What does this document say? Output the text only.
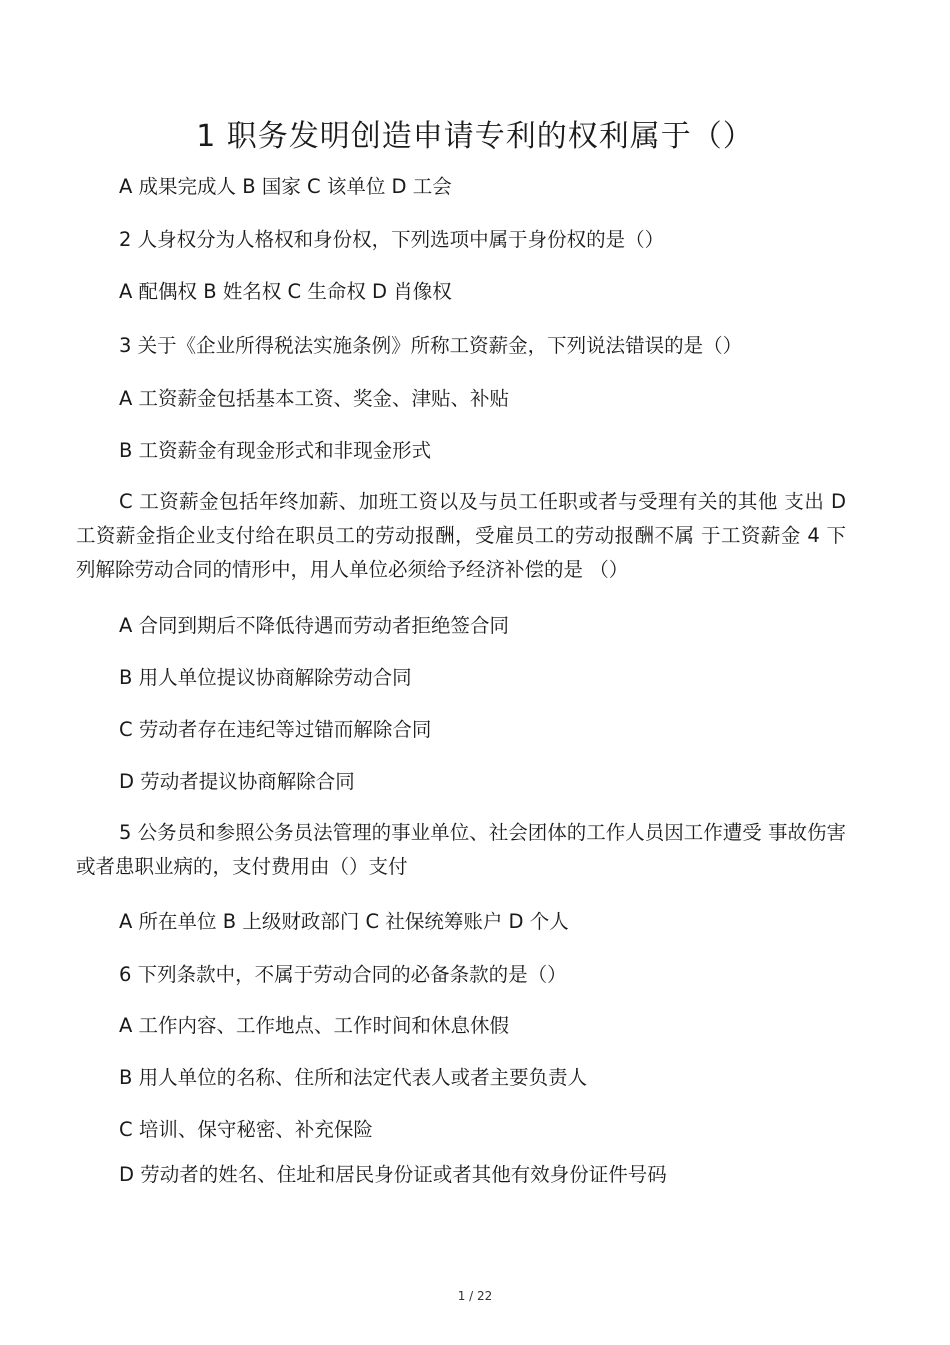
1 职务发明创造申请专利的权利属于（）
A 成果完成人 B 国家 C 该单位 D 工会
2 人身权分为人格权和身份权，下列选项中属于身份权的是（）
A 配偶权 B 姓名权 C 生命权 D 肖像权
3 关于《企业所得税法实施条例》所称工资薪金，下列说法错误的是（）
A 工资薪金包括基本工资、奖金、津贴、补贴
B 工资薪金有现金形式和非现金形式
C 工资薪金包括年终加薪、加班工资以及与员工任职或者与受理有关的其他 支出 D 工资薪金指企业支付给在职员工的劳动报酬，受雇员工的劳动报酬不属 于工资薪金 4 下列解除劳动合同的情形中，用人单位必须给予经济补偿的是 （）
A 合同到期后不降低待遇而劳动者拒绝签合同
B 用人单位提议协商解除劳动合同
C 劳动者存在违纪等过错而解除合同
D 劳动者提议协商解除合同
5 公务员和参照公务员法管理的事业单位、社会团体的工作人员因工作遭受 事故伤害或者患职业病的，支付费用由（）支付
A 所在单位 B 上级财政部门 C 社保统筹账户 D 个人
6 下列条款中，不属于劳动合同的必备条款的是（）
A 工作内容、工作地点、工作时间和休息休假
B 用人单位的名称、住所和法定代表人或者主要负责人
C 培训、保守秘密、补充保险
D 劳动者的姓名、住址和居民身份证或者其他有效身份证件号码
1 / 22
